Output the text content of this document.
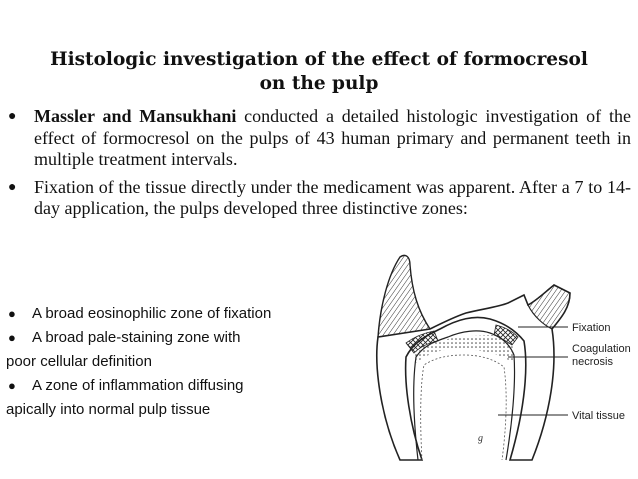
Histologic investigation of the effect of formocresol
on the pulp
● Massler and Mansukhani conducted a detailed histologic investigation of the effect of formocresol on the pulps of 43 human primary and permanent teeth in multiple treatment intervals.
● Fixation of the tissue directly under the medicament was apparent. After a 7 to 14-day application, the pulps developed three distinctive zones:
●	A broad eosinophilic zone of fixation
●	A broad pale-staining zone with
poor cellular definition
●	A zone of inflammation diffusing
apically into normal pulp tissue
Fixation
Coagulation
necrosis
Vital tissue
g
